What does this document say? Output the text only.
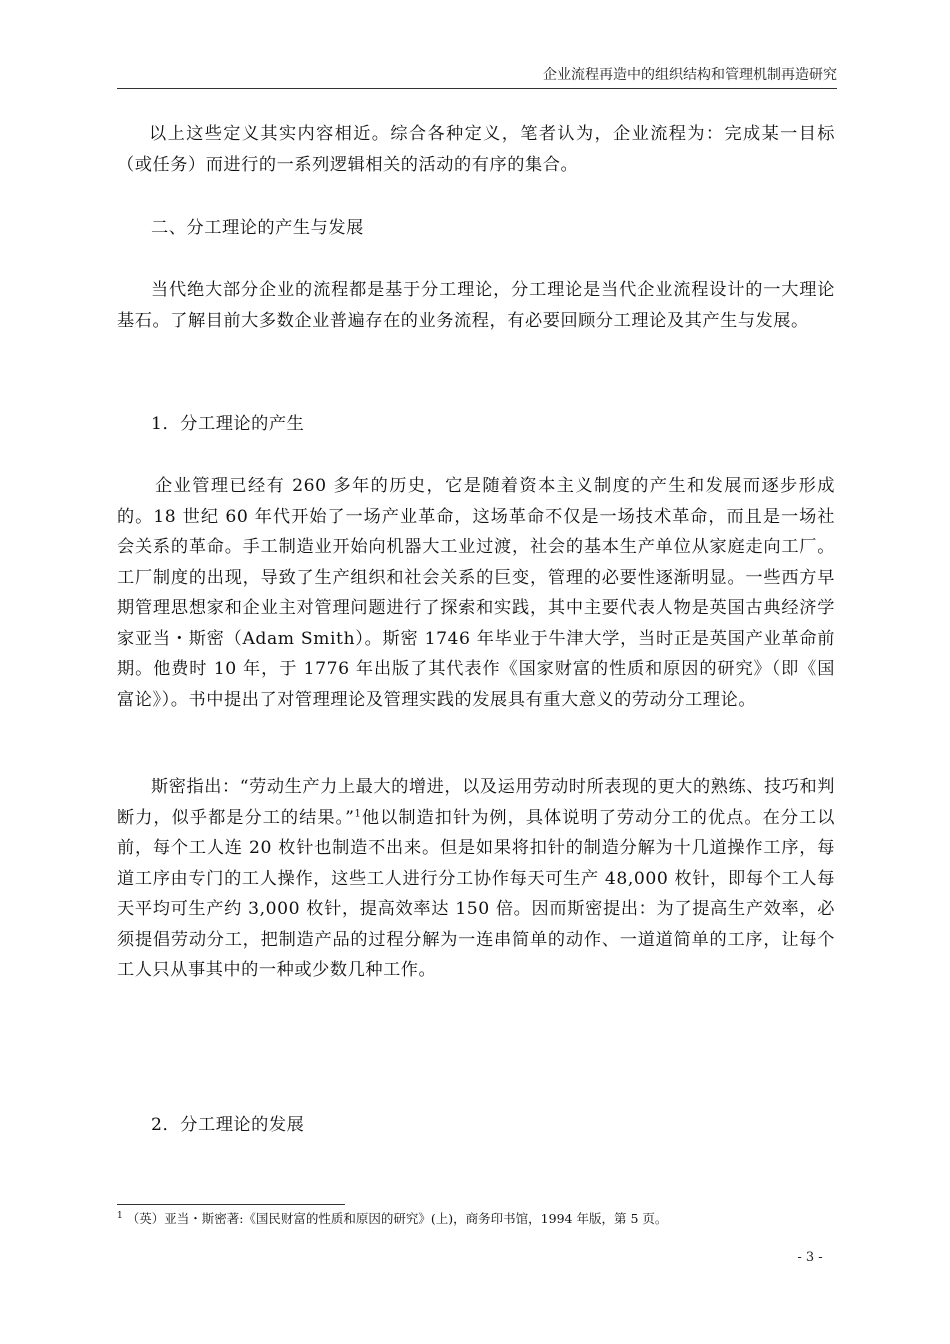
企业流程再造中的组织结构和管理机制再造研究

以上这些定义其实内容相近。综合各种定义，笔者认为，企业流程为：完成某一目标（或任务）而进行的一系列逻辑相关的活动的有序的集合。

二、分工理论的产生与发展

当代绝大部分企业的流程都是基于分工理论，分工理论是当代企业流程设计的一大理论基石。了解目前大多数企业普遍存在的业务流程，有必要回顾分工理论及其产生与发展。

1．分工理论的产生

企业管理已经有 260 多年的历史，它是随着资本主义制度的产生和发展而逐步形成的。18 世纪 60 年代开始了一场产业革命，这场革命不仅是一场技术革命，而且是一场社会关系的革命。手工制造业开始向机器大工业过渡，社会的基本生产单位从家庭走向工厂。工厂制度的出现，导致了生产组织和社会关系的巨变，管理的必要性逐渐明显。一些西方早期管理思想家和企业主对管理问题进行了探索和实践，其中主要代表人物是英国古典经济学家亚当・斯密（Adam Smith）。斯密 1746 年毕业于牛津大学，当时正是英国产业革命前期。他费时 10 年，于 1776 年出版了其代表作《国家财富的性质和原因的研究》（即《国富论》）。书中提出了对管理理论及管理实践的发展具有重大意义的劳动分工理论。

斯密指出：“劳动生产力上最大的增进，以及运用劳动时所表现的更大的熟练、技巧和判断力，似乎都是分工的结果。”$^1$他以制造扣针为例，具体说明了劳动分工的优点。在分工以前，每个工人连 20 枚针也制造不出来。但是如果将扣针的制造分解为十几道操作工序，每道工序由专门的工人操作，这些工人进行分工协作每天可生产 48,000 枚针，即每个工人每天平均可生产约 3,000 枚针，提高效率达 150 倍。因而斯密提出：为了提高生产效率，必须提倡劳动分工，把制造产品的过程分解为一连串简单的动作、一道道简单的工序，让每个工人只从事其中的一种或少数几种工作。

2．分工理论的发展

$^1$ （英）亚当・斯密著:《国民财富的性质和原因的研究》(上)，商务印书馆，1994 年版，第 5 页。
- 3 -
